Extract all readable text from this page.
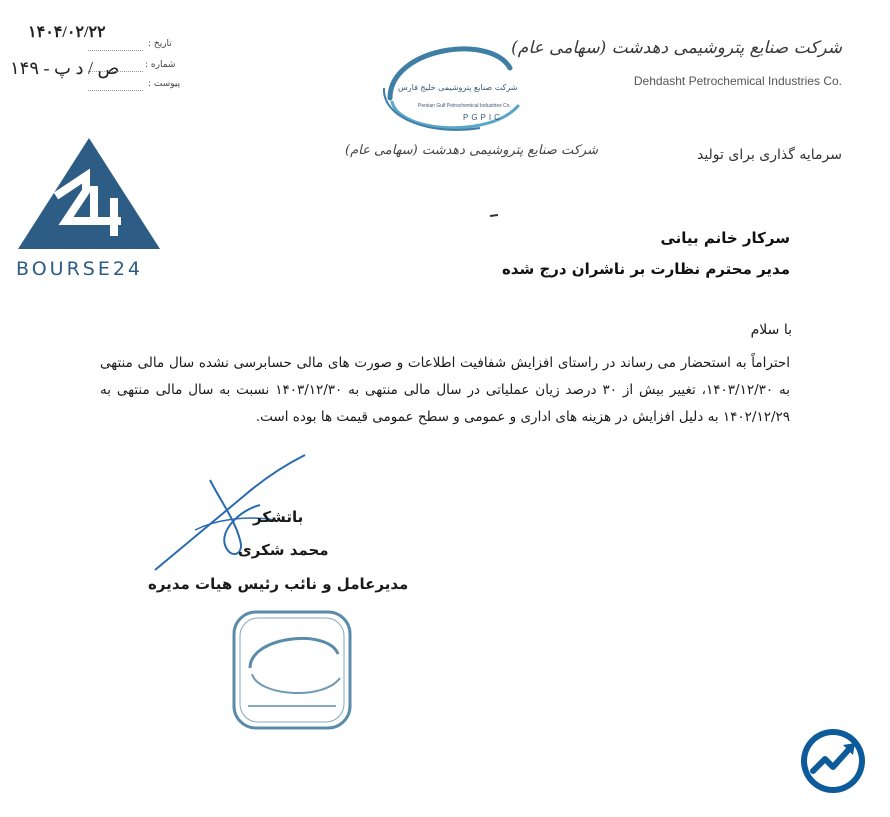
شرکت صنایع پتروشیمی دهدشت (سهامی عام)
Dehdasht Petrochemical Industries Co.
سرمایه گذاری برای تولید
شرکت صنایع پتروشیمی خلیج فارس
Persian Gulf Petrochemical Industries Co.
PGPIC
شرکت صنایع پتروشیمی دهدشت (سهامی عام)
۱۴۰۴/۰۲/۲۲
۱۴۹ - ص / د پ
تاریخ :
شماره :
پیوست :
BOURSE24
سرکار خانم بیانی
مدیر محترم نظارت بر ناشران درج شده
با سلام

احتراماً به استحضار می رساند در راستای افزایش شفافیت اطلاعات و صورت های مالی حسابرسی نشده سال مالی منتهی به ۱۴۰۳/۱۲/۳۰، تغییر بیش از ۳۰ درصد زیان عملیاتی در سال مالی منتهی به ۱۴۰۳/۱۲/۳۰ نسبت به سال مالی منتهی به ۱۴۰۲/۱۲/۲۹ به دلیل افزایش در هزینه های اداری و عمومی و سطح عمومی قیمت ها بوده است.

باتشکر
محمد شکری
مدیرعامل و نائب رئیس هیات مدیره
